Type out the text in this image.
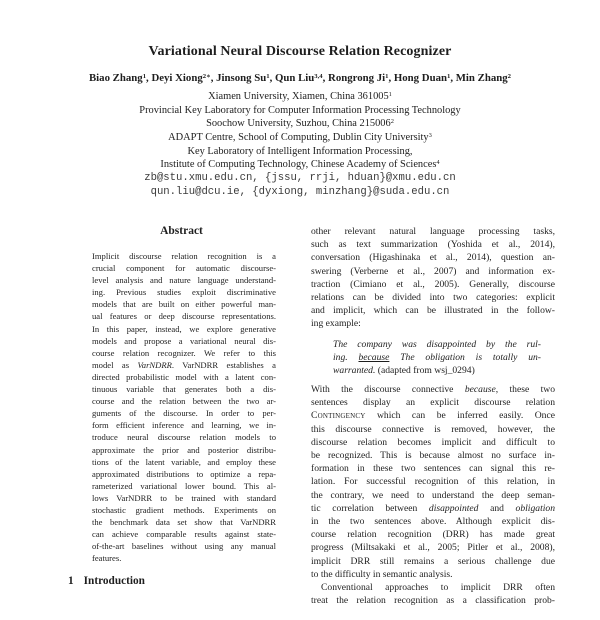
Variational Neural Discourse Relation Recognizer
Biao Zhang$^1$, Deyi Xiong$^{2∗}$, Jinsong Su$^1$, Qun Liu$^{3,4}$, Rongrong Ji$^1$, Hong Duan$^1$, Min Zhang$^2$
Xiamen University, Xiamen, China 361005$^1$
Provincial Key Laboratory for Computer Information Processing Technology
Soochow University, Suzhou, China 215006$^2$
ADAPT Centre, School of Computing, Dublin City University$^3$
Key Laboratory of Intelligent Information Processing,
Institute of Computing Technology, Chinese Academy of Sciences$^4$
zb@stu.xmu.edu.cn, {jssu, rrji, hduan}@xmu.edu.cn
qun.liu@dcu.ie, {dyxiong, minzhang}@suda.edu.cn
Abstract
Implicit discourse relation recognition is a
crucial component for automatic discourse-
level analysis and nature language understand-
ing. Previous studies exploit discriminative
models that are built on either powerful man-
ual features or deep discourse representations.
In this paper, instead, we explore generative
models and propose a variational neural dis-
course relation recognizer. We refer to this
model as VarNDRR. VarNDRR establishes a
directed probabilistic model with a latent con-
tinuous variable that generates both a dis-
course and the relation between the two ar-
guments of the discourse. In order to per-
form efficient inference and learning, we in-
troduce neural discourse relation models to
approximate the prior and posterior distribu-
tions of the latent variable, and employ these
approximated distributions to optimize a repa-
rameterized variational lower bound. This al-
lows VarNDRR to be trained with standard
stochastic gradient methods. Experiments on
the benchmark data set show that VarNDRR
can achieve comparable results against state-
of-the-art baselines without using any manual
features.
1 Introduction
other relevant natural language processing tasks,
such as text summarization (Yoshida et al., 2014),
conversation (Higashinaka et al., 2014), question an-
swering (Verberne et al., 2007) and information ex-
traction (Cimiano et al., 2005). Generally, discourse
relations can be divided into two categories: explicit
and implicit, which can be illustrated in the follow-
ing example:
The company was disappointed by the rul-
ing. because The obligation is totally un-
warranted. (adapted from wsj_0294)
With the discourse connective because, these two
sentences display an explicit discourse relation
Contingency which can be inferred easily. Once
this discourse connective is removed, however, the
discourse relation becomes implicit and difficult to
be recognized. This is because almost no surface in-
formation in these two sentences can signal this re-
lation. For successful recognition of this relation, in
the contrary, we need to understand the deep seman-
tic correlation between disappointed and obligation
in the two sentences above. Although explicit dis-
course relation recognition (DRR) has made great
progress (Miltsakaki et al., 2005; Pitler et al., 2008),
implicit DRR still remains a serious challenge due
to the difficulty in semantic analysis.
Conventional approaches to implicit DRR often
treat the relation recognition as a classification prob-
